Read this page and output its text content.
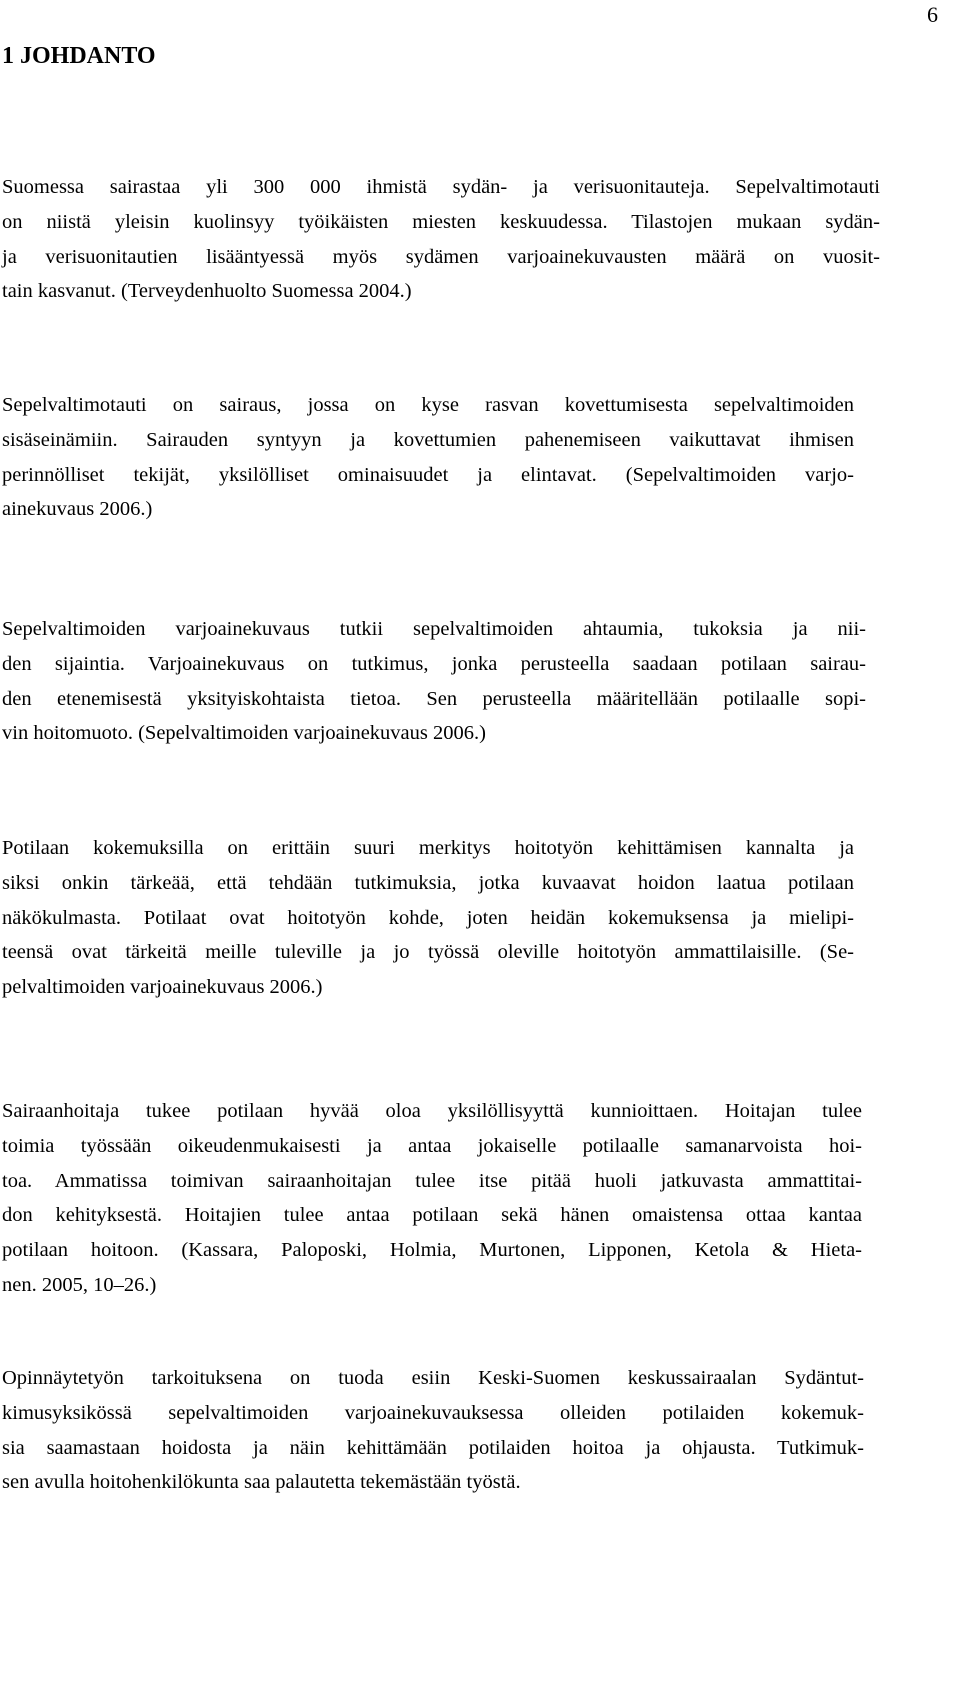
6
1 JOHDANTO

Suomessa sairastaa yli 300 000 ihmistä sydän- ja verisuonitauteja. Sepelvaltimotauti
on niistä yleisin kuolinsyy työikäisten miesten keskuudessa. Tilastojen mukaan sydän-
ja verisuonitautien lisääntyessä myös sydämen varjoainekuvausten määrä on vuosit-
tain kasvanut. (Terveydenhuolto Suomessa 2004.)

Sepelvaltimotauti on sairaus, jossa on kyse rasvan kovettumisesta sepelvaltimoiden
sisäseinämiin. Sairauden syntyyn ja kovettumien pahenemiseen vaikuttavat ihmisen
perinnölliset tekijät, yksilölliset ominaisuudet ja elintavat. (Sepelvaltimoiden varjo-
ainekuvaus 2006.)

Sepelvaltimoiden varjoainekuvaus tutkii sepelvaltimoiden ahtaumia, tukoksia ja nii-
den sijaintia. Varjoainekuvaus on tutkimus, jonka perusteella saadaan potilaan sairau-
den etenemisestä yksityiskohtaista tietoa. Sen perusteella määritellään potilaalle sopi-
vin hoitomuoto. (Sepelvaltimoiden varjoainekuvaus 2006.)

Potilaan kokemuksilla on erittäin suuri merkitys hoitotyön kehittämisen kannalta ja
siksi onkin tärkeää, että tehdään tutkimuksia, jotka kuvaavat hoidon laatua potilaan
näkökulmasta. Potilaat ovat hoitotyön kohde, joten heidän kokemuksensa ja mielipi-
teensä ovat tärkeitä meille tuleville ja jo työssä oleville hoitotyön ammattilaisille. (Se-
pelvaltimoiden varjoainekuvaus 2006.)

Sairaanhoitaja tukee potilaan hyvää oloa yksilöllisyyttä kunnioittaen. Hoitajan tulee
toimia työssään oikeudenmukaisesti ja antaa jokaiselle potilaalle samanarvoista hoi-
toa. Ammatissa toimivan sairaanhoitajan tulee itse pitää huoli jatkuvasta ammattitai-
don kehityksestä. Hoitajien tulee antaa potilaan sekä hänen omaistensa ottaa kantaa
potilaan hoitoon. (Kassara, Paloposki, Holmia, Murtonen, Lipponen, Ketola & Hieta-
nen. 2005, 10–26.)

Opinnäytetyön tarkoituksena on tuoda esiin Keski-Suomen keskussairaalan Sydäntut-
kimusyksikössä sepelvaltimoiden varjoainekuvauksessa olleiden potilaiden kokemuk-
sia saamastaan hoidosta ja näin kehittämään potilaiden hoitoa ja ohjausta. Tutkimuk-
sen avulla hoitohenkilökunta saa palautetta tekemästään työstä.
